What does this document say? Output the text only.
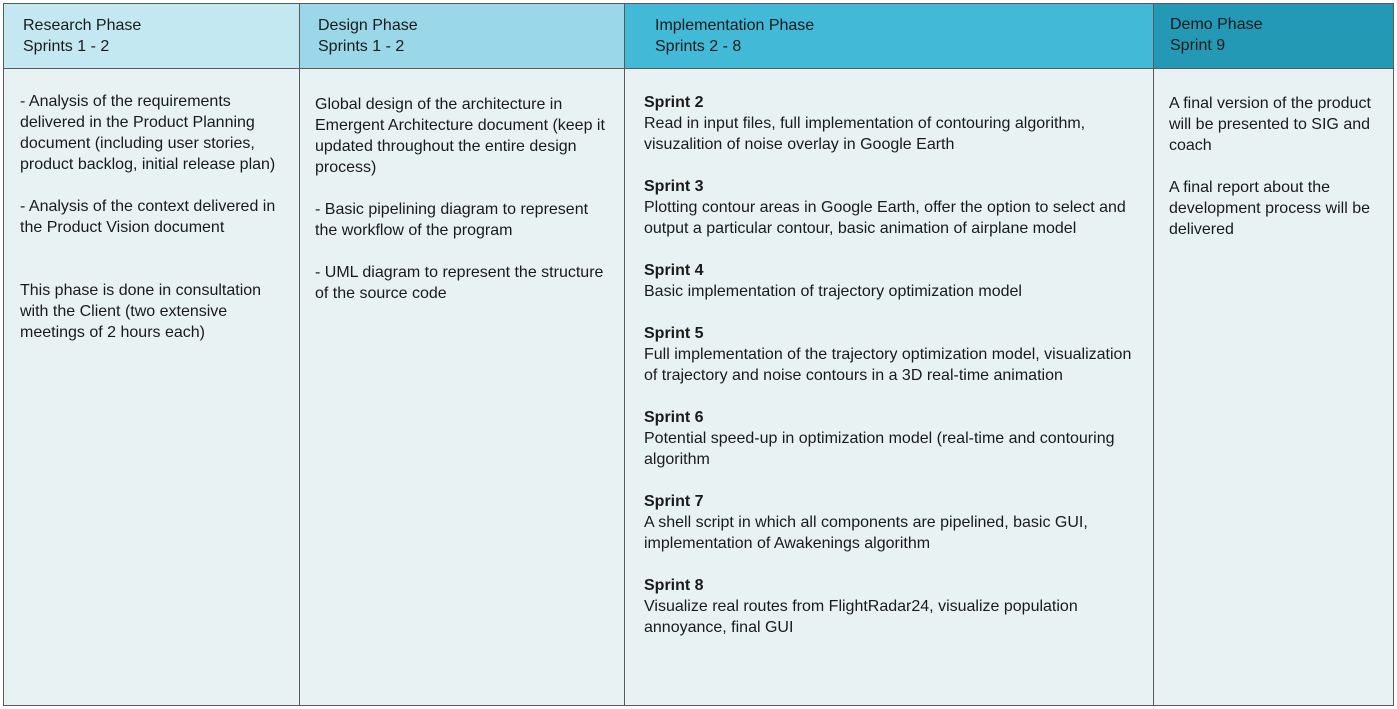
Research Phase
Sprints 1 - 2

- Analysis of the requirements delivered in the Product Planning document (including user stories, product backlog, initial release plan)

- Analysis of the context delivered in the Product Vision document

This phase is done in consultation with the Client (two extensive meetings of 2 hours each)

Design Phase
Sprints 1 - 2

Global design of the architecture in Emergent Architecture document (keep it updated throughout the entire design process)

- Basic pipelining diagram to represent the workflow of the program

- UML diagram to represent the structure of the source code

Implementation Phase
Sprints 2 - 8
Sprint 2
Read in input files, full implementation of contouring algorithm, visuzalition of noise overlay in Google Earth
Sprint 3
Plotting contour areas in Google Earth, offer the option to select and output a particular contour, basic animation of airplane model
Sprint 4
Basic implementation of trajectory optimization model
Sprint 5
Full implementation of the trajectory optimization model, visualization of trajectory and noise contours in a 3D real-time animation
Sprint 6
Potential speed-up in optimization model (real-time and contouring algorithm
Sprint 7
A shell script in which all components are pipelined, basic GUI, implementation of Awakenings algorithm
Sprint 8
Visualize real routes from FlightRadar24, visualize population annoyance, final GUI
Demo Phase
Sprint 9

A final version of the product will be presented to SIG and coach

A final report about the development process will be delivered
